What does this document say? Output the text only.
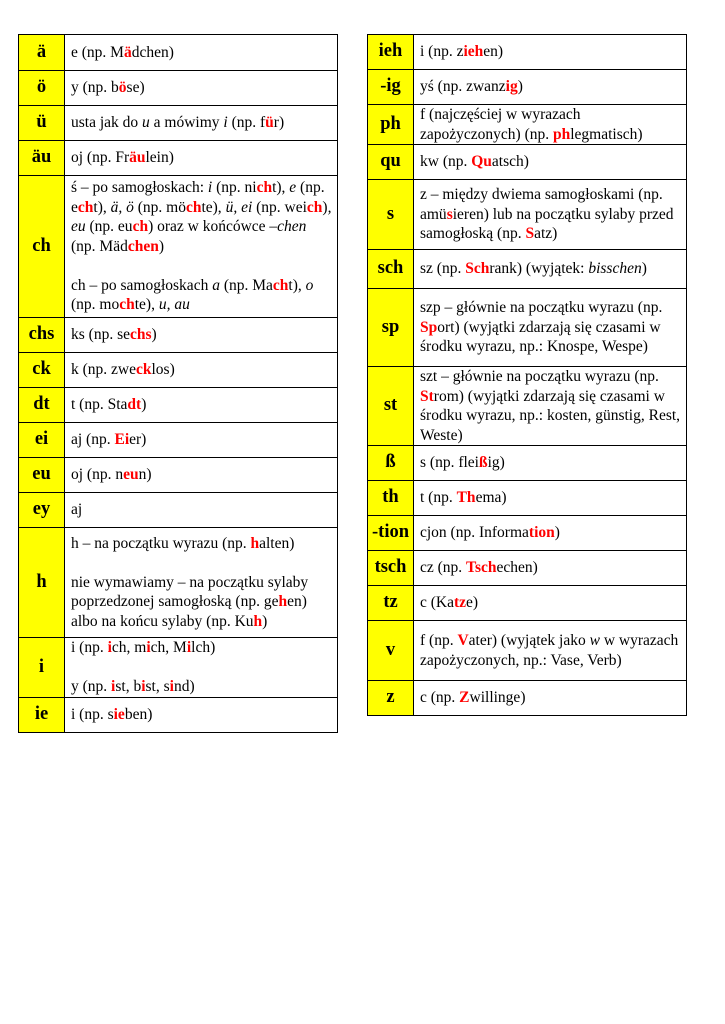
ä	e (np. Mädchen)
ö	y (np. böse)
ü	usta jak do u a mówimy i (np. für)
äu	oj (np. Fräulein)
ch	ś – po samogłoskach: i (np. nicht), e (np. echt), ä, ö (np. möchte), ü, ei (np. weich), eu (np. euch) oraz w końcówce –chen (np. Mädchen)

ch – po samogłoskach a (np. Macht), o (np. mochte), u, au
chs	ks (np. sechs)
ck	k (np. zwecklos)
dt	t (np. Stadt)
ei	aj (np. Eier)
eu	oj (np. neun)
ey	aj
h	h – na początku wyrazu (np. halten)

nie wymawiamy – na początku sylaby poprzedzonej samogłoską (np. gehen) albo na końcu sylaby (np. Kuh)
i	i (np. ich, mich, Milch)

y (np. ist, bist, sind)
ie	i (np. sieben)
ieh	i (np. ziehen)
-ig	yś (np. zwanzig)
ph	f (najczęściej w wyrazach zapożyczonych) (np. phlegmatisch)
qu	kw (np. Quatsch)
s	z – między dwiema samogłoskami (np. amüsieren) lub na początku sylaby przed samogłoską (np. Satz)
sch	sz (np. Schrank) (wyjątek: bisschen)
sp	szp – głównie na początku wyrazu (np. Sport) (wyjątki zdarzają się czasami w środku wyrazu, np.: Knospe, Wespe)
st	szt – głównie na początku wyrazu (np. Strom) (wyjątki zdarzają się czasami w środku wyrazu, np.: kosten, günstig, Rest, Weste)
ß	s (np. fleißig)
th	t (np. Thema)
-tion	cjon (np. Information)
tsch	cz (np. Tschechen)
tz	c (Katze)
v	f (np. Vater) (wyjątek jako w w wyrazach zapożyczonych, np.: Vase, Verb)
z	c (np. Zwillinge)
